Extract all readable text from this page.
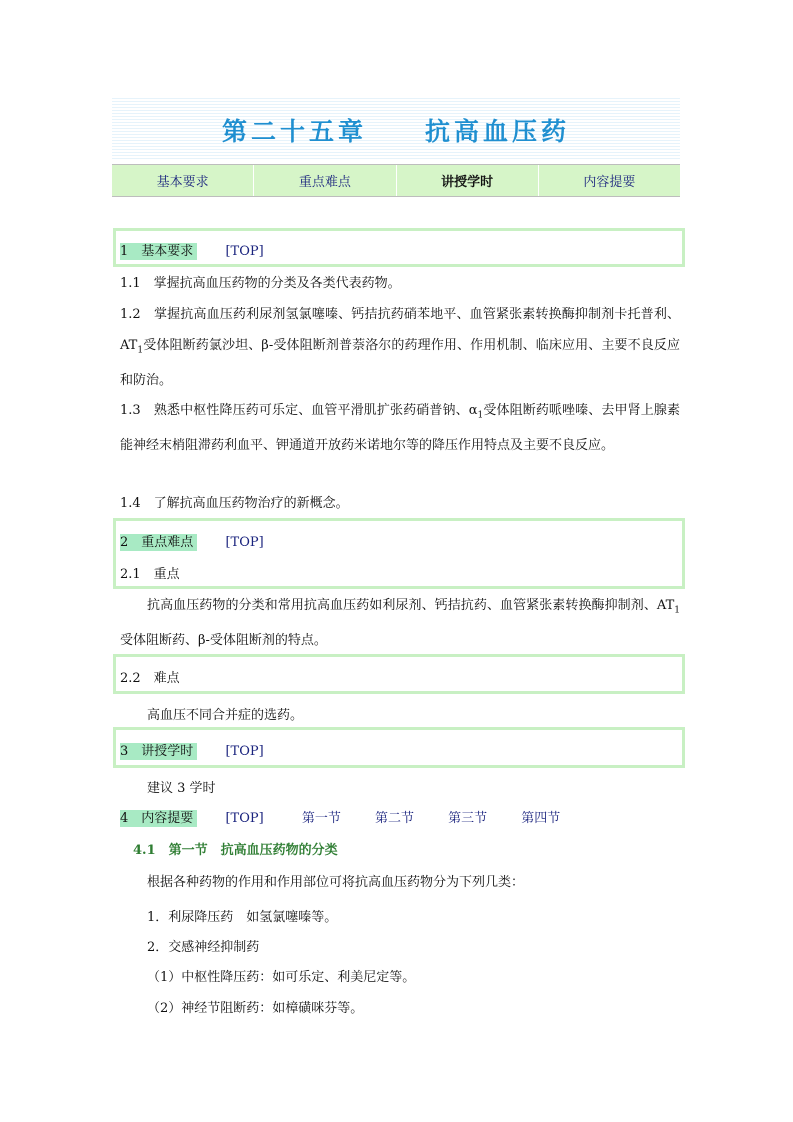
第二十五章　　抗高血压药
基本要求	重点难点	讲授学时	内容提要
1　 基本要求 [TOP]
1.1　掌握抗高血压药物的分类及各类代表药物。
1.2　掌握抗高血压药利尿剂氢氯噻嗪、钙拮抗药硝苯地平、血管紧张素转换酶抑制剂卡托普利、$AT_1$受体阻断药氯沙坦、β-受体阻断剂普萘洛尔的药理作用、作用机制、临床应用、主要不良反应和防治。
1.3　熟悉中枢性降压药可乐定、血管平滑肌扩张药硝普钠、$\alpha_1$受体阻断药哌唑嗪、去甲肾上腺素能神经末梢阻滞药利血平、钾通道开放药米诺地尔等的降压作用特点及主要不良反应。
1.4　了解抗高血压药物治疗的新概念。
2　 重点难点 [TOP]
2.1　重点
抗高血压药物的分类和常用抗高血压药如利尿剂、钙拮抗药、血管紧张素转换酶抑制剂、$AT_1$受体阻断药、β-受体阻断剂的特点。
2.2　难点
高血压不同合并症的选药。
3　 讲授学时 [TOP]
建议 3 学时
4　 内容提要 [TOP]	第一节	第二节	第三节	第四节
4.1　第一节　抗高血压药物的分类
根据各种药物的作用和作用部位可将抗高血压药物分为下列几类：
1．利尿降压药　如氢氯噻嗪等。
2．交感神经抑制药
（1）中枢性降压药：如可乐定、利美尼定等。
（2）神经节阻断药：如樟磺咪芬等。
